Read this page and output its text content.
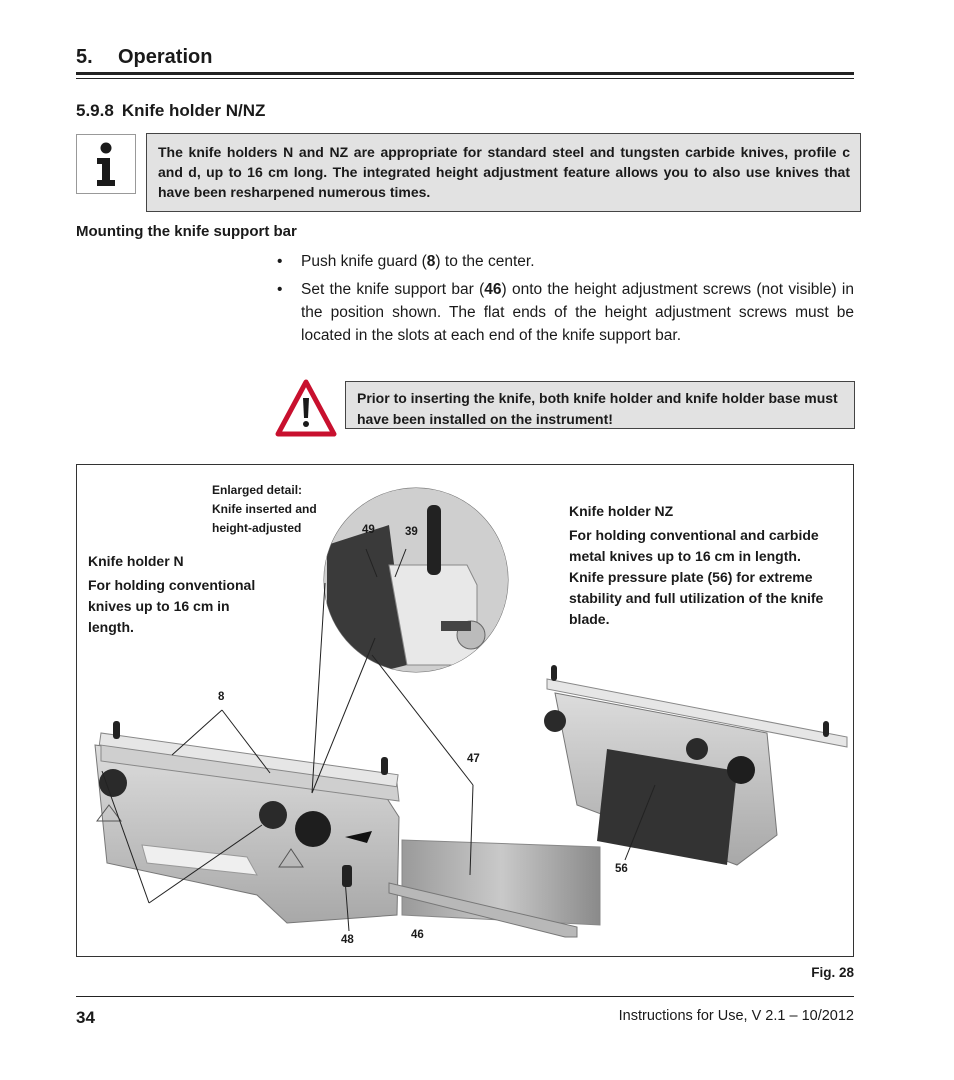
5. Operation
5.9.8 Knife holder N/NZ
The knife holders N and NZ are appropriate for standard steel and tungsten carbide knives, profile c and d, up to 16 cm long. The integrated height adjustment feature allows you to also use knives that have been resharpened numerous times.
Mounting the knife support bar
• Push knife guard (8) to the center.
• Set the knife support bar (46) onto the height adjustment screws (not visible) in the position shown. The flat ends of the height adjustment screws must be located in the slots at each end of the knife support bar.
Prior to inserting the knife, both knife holder and knife holder base must have been installed on the instrument!
Enlarged detail:
Knife inserted and
height-adjusted
Knife holder N
For holding conventional
knives up to 16 cm in
length.
Knife holder NZ
For holding conventional and carbide
metal knives up to 16 cm in length.
Knife pressure plate (56) for extreme
stability and full utilization of the knife
blade.
49	39
8
47
56
48	46
Fig. 28
34	Instructions for Use, V 2.1 – 10/2012
